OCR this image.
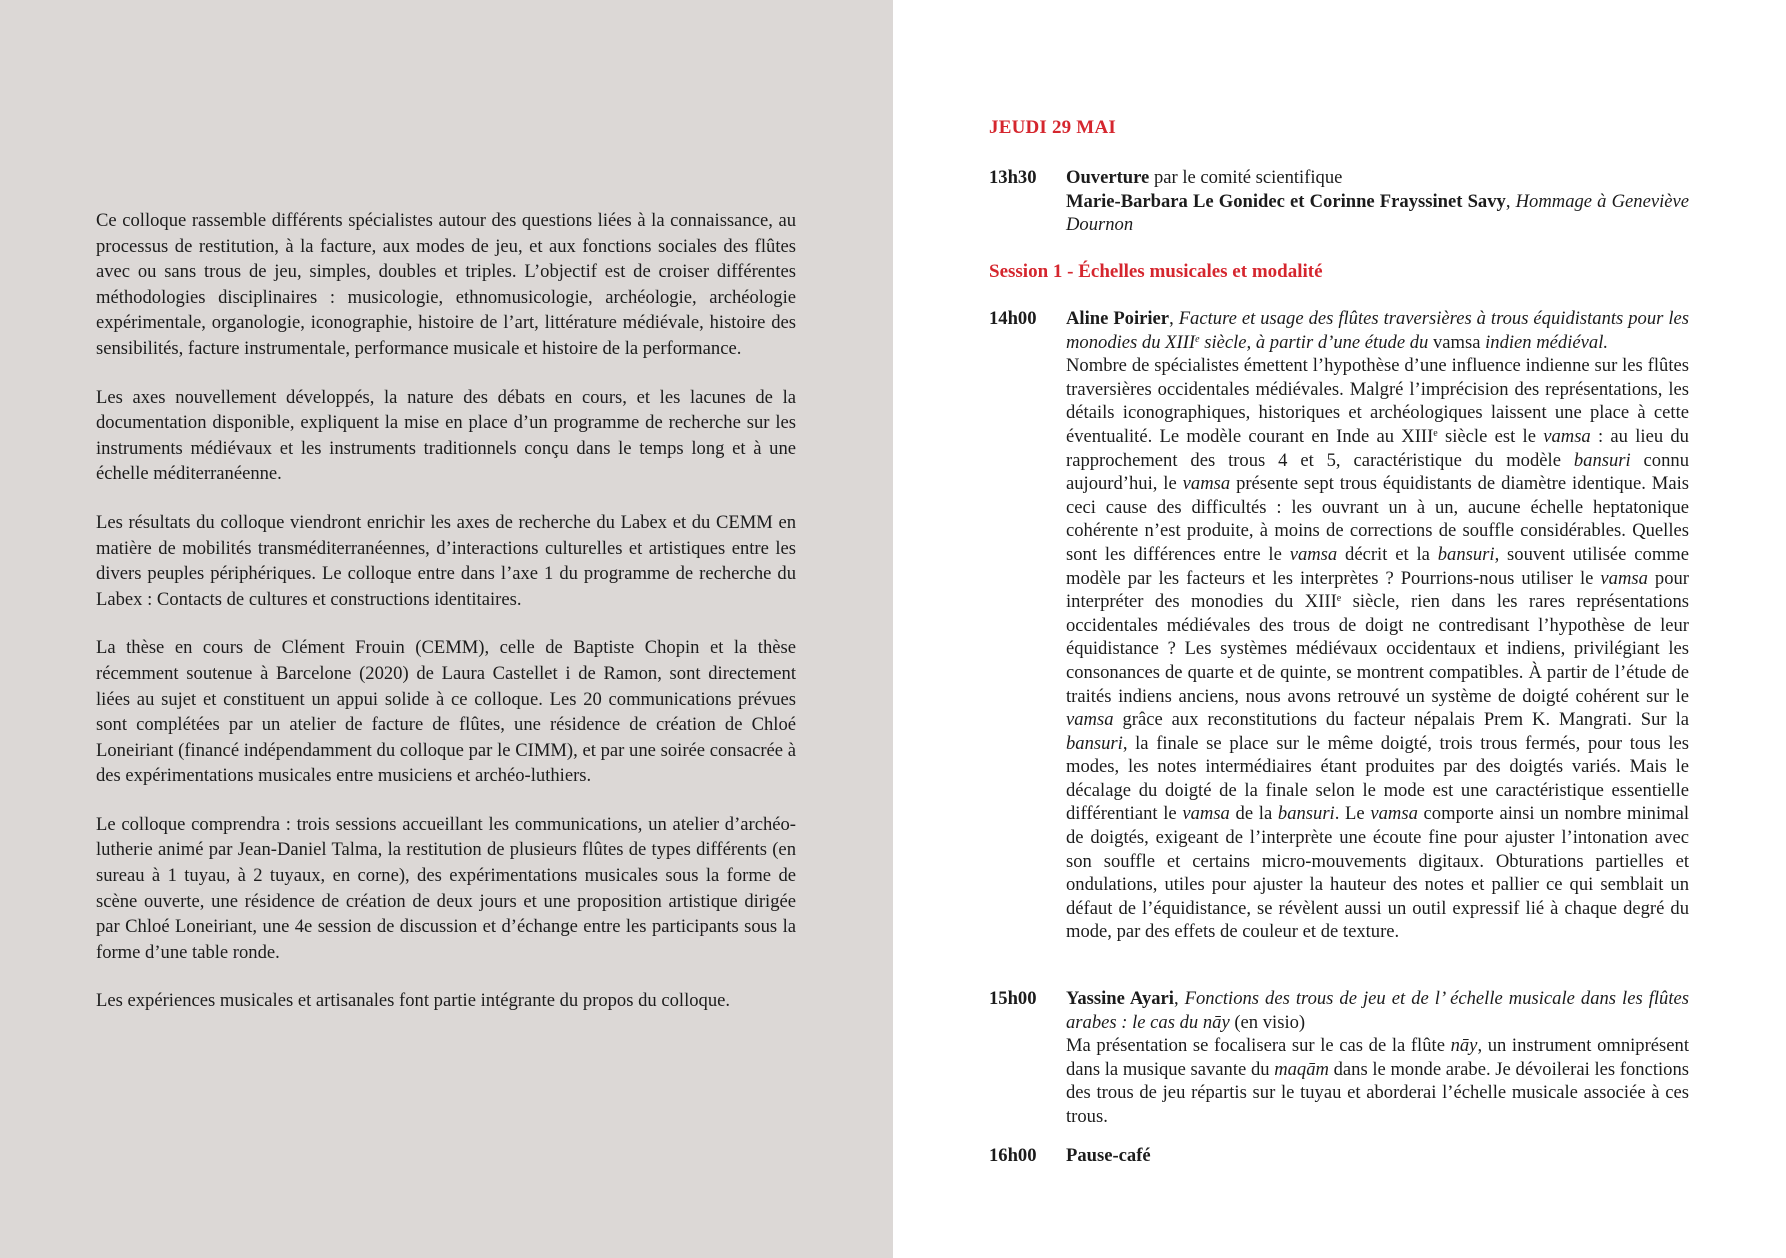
Ce colloque rassemble différents spécialistes autour des questions liées à la connaissance, au processus de restitution, à la facture, aux modes de jeu, et aux fonctions sociales des flûtes avec ou sans trous de jeu, simples, doubles et triples. L’objectif est de croiser différentes méthodologies disciplinaires : musicologie, ethnomusicologie, archéologie, archéologie expérimentale, organologie, iconographie, histoire de l’art, littérature médiévale, histoire des sensibilités, facture instrumentale, performance musicale et histoire de la performance.

Les axes nouvellement développés, la nature des débats en cours, et les lacunes de la documentation disponible, expliquent la mise en place d’un programme de recherche sur les instruments médiévaux et les instruments traditionnels conçu dans le temps long et à une échelle méditerranéenne.

Les résultats du colloque viendront enrichir les axes de recherche du Labex et du CEMM en matière de mobilités transméditerranéennes, d’interactions culturelles et artistiques entre les divers peuples périphériques. Le colloque entre dans l’axe 1 du programme de recherche du Labex : Contacts de cultures et constructions identitaires.

La thèse en cours de Clément Frouin (CEMM), celle de Baptiste Chopin et la thèse récemment soutenue à Barcelone (2020) de Laura Castellet i de Ramon, sont directement liées au sujet et constituent un appui solide à ce colloque. Les 20 communications prévues sont complétées par un atelier de facture de flûtes, une résidence de création de Chloé Loneiriant (financé indépendamment du colloque par le CIMM), et par une soirée consacrée à des expérimentations musicales entre musiciens et archéo-luthiers.

Le colloque comprendra : trois sessions accueillant les communications, un atelier d’archéo-lutherie animé par Jean-Daniel Talma, la restitution de plusieurs flûtes de types différents (en sureau à 1 tuyau, à 2 tuyaux, en corne), des expérimentations musicales sous la forme de scène ouverte, une résidence de création de deux jours et une proposition artistique dirigée par Chloé Loneiriant, une 4e session de discussion et d’échange entre les participants sous la forme d’une table ronde.

Les expériences musicales et artisanales font partie intégrante du propos du colloque.

JEUDI 29 MAI
13h30 Ouverture par le comité scientifique
Marie-Barbara Le Gonidec et Corinne Frayssinet Savy, Hommage à Geneviève Dournon
Session 1 - Échelles musicales et modalité
14h00 Aline Poirier, Facture et usage des flûtes traversières à trous équidistants pour les monodies du XIIIe siècle, à partir d’une étude du vamsa indien médiéval.

Nombre de spécialistes émettent l’hypothèse d’une influence indienne sur les flûtes traversières occidentales médiévales. Malgré l’imprécision des représentations, les détails iconographiques, historiques et archéologiques laissent une place à cette éventualité. Le modèle courant en Inde au XIIIe siècle est le vamsa : au lieu du rapprochement des trous 4 et 5, caractéristique du modèle bansuri connu aujourd’hui, le vamsa présente sept trous équidistants de diamètre identique. Mais ceci cause des difficultés : les ouvrant un à un, aucune échelle heptatonique cohérente n’est produite, à moins de corrections de souffle considérables. Quelles sont les différences entre le vamsa décrit et la bansuri, souvent utilisée comme modèle par les facteurs et les interprètes ? Pourrions-nous utiliser le vamsa pour interpréter des monodies du XIIIe siècle, rien dans les rares représentations occidentales médiévales des trous de doigt ne contredisant l’hypothèse de leur équidistance ? Les systèmes médiévaux occidentaux et indiens, privilégiant les consonances de quarte et de quinte, se montrent compatibles. À partir de l’étude de traités indiens anciens, nous avons retrouvé un système de doigté cohérent sur le vamsa grâce aux reconstitutions du facteur népalais Prem K. Mangrati. Sur la bansuri, la finale se place sur le même doigté, trois trous fermés, pour tous les modes, les notes intermédiaires étant produites par des doigtés variés. Mais le décalage du doigté de la finale selon le mode est une caractéristique essentielle différentiant le vamsa de la bansuri. Le vamsa comporte ainsi un nombre minimal de doigtés, exigeant de l’interprète une écoute fine pour ajuster l’intonation avec son souffle et certains micro-mouvements digitaux. Obturations partielles et ondulations, utiles pour ajuster la hauteur des notes et pallier ce qui semblait un défaut de l’équidistance, se révèlent aussi un outil expressif lié à chaque degré du mode, par des effets de couleur et de texture.

15h00 Yassine Ayari, Fonctions des trous de jeu et de l’ échelle musicale dans les flûtes arabes : le cas du nāy (en visio)

Ma présentation se focalisera sur le cas de la flûte nāy, un instrument omniprésent dans la musique savante du maqām dans le monde arabe. Je dévoilerai les fonctions des trous de jeu répartis sur le tuyau et aborderai l’échelle musicale associée à ces trous.

16h00 Pause-café
